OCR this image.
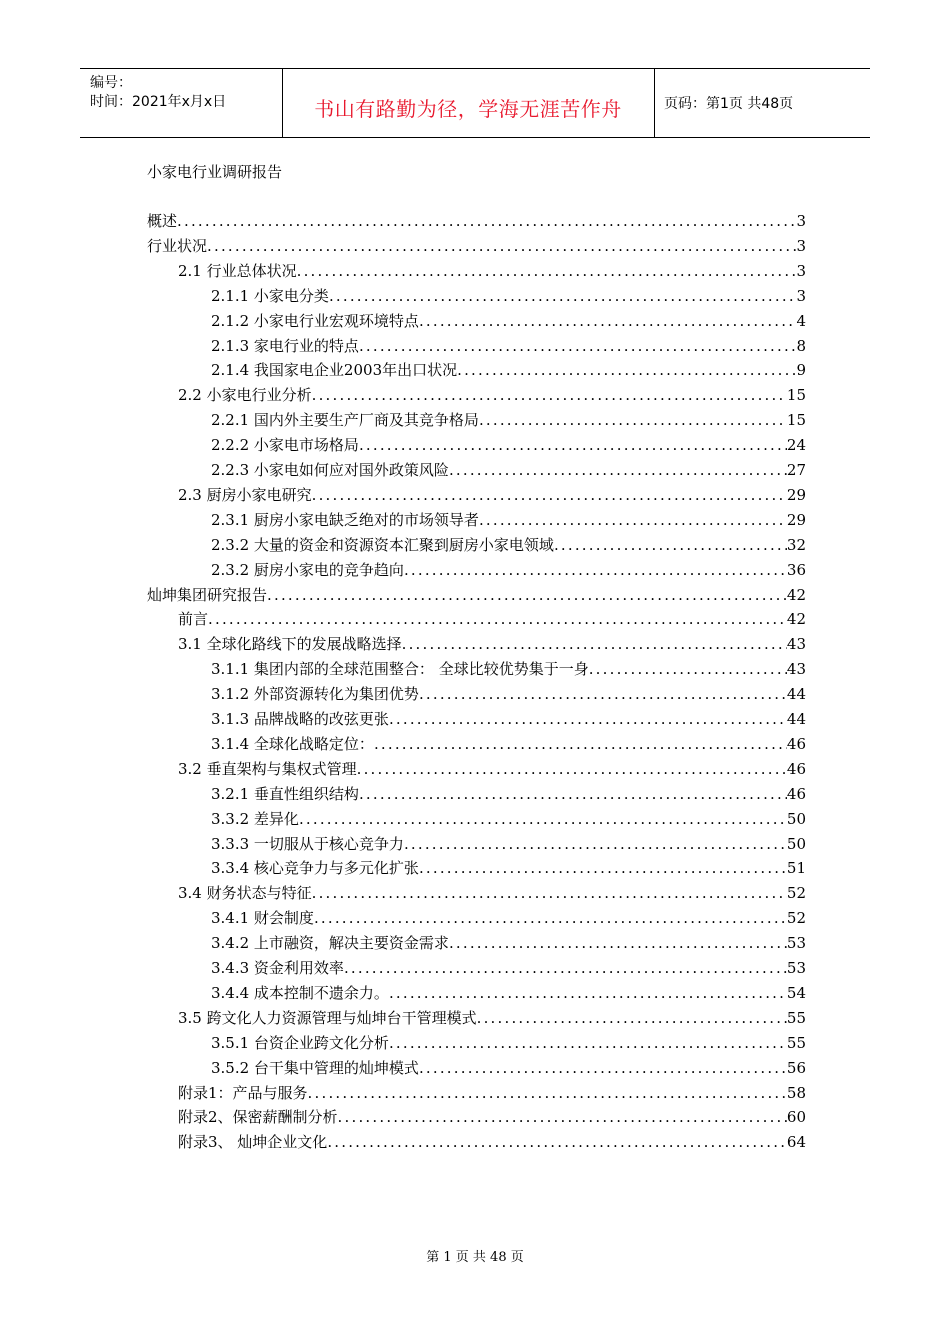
编号：
时间：2021年x月x日	书山有路勤为径，学海无涯苦作舟	页码：第1页 共48页
小家电行业调研报告
概述 .....	3
行业状况 .....	3
2.1 行业总体状况 .....	3
2.1.1 小家电分类 .....	3
2.1.2 小家电行业宏观环境特点 .....	4
2.1.3 家电行业的特点 .....	8
2.1.4 我国家电企业2003年出口状况 .....	9
2.2 小家电行业分析 .....	15
2.2.1 国内外主要生产厂商及其竞争格局 .....	15
2.2.2 小家电市场格局 .....	24
2.2.3 小家电如何应对国外政策风险 .....	27
2.3 厨房小家电研究 .....	29
2.3.1 厨房小家电缺乏绝对的市场领导者 .....	29
2.3.2 大量的资金和资源资本汇聚到厨房小家电领域 .....	32
2.3.2 厨房小家电的竞争趋向 .....	36
灿坤集团研究报告 .....	42
前言 .....	42
3.1 全球化路线下的发展战略选择 .....	43
3.1.1 集团内部的全球范围整合： 全球比较优势集于一身 .....	43
3.1.2 外部资源转化为集团优势 .....	44
3.1.3 品牌战略的改弦更张 .....	44
3.1.4 全球化战略定位： .....	46
3.2 垂直架构与集权式管理 .....	46
3.2.1 垂直性组织结构 .....	46
3.3.2 差异化 .....	50
3.3.3 一切服从于核心竞争力 .....	50
3.3.4 核心竞争力与多元化扩张 .....	51
3.4 财务状态与特征 .....	52
3.4.1 财会制度 .....	52
3.4.2 上市融资，解决主要资金需求 .....	53
3.4.3 资金利用效率 .....	53
3.4.4 成本控制不遗余力。 .....	54
3.5 跨文化人力资源管理与灿坤台干管理模式 .....	55
3.5.1 台资企业跨文化分析 .....	55
3.5.2 台干集中管理的灿坤模式 .....	56
附录1：产品与服务 .....	58
附录2、保密薪酬制分析 .....	60
附录3、 灿坤企业文化 .....	64
第 1 页 共 48 页
